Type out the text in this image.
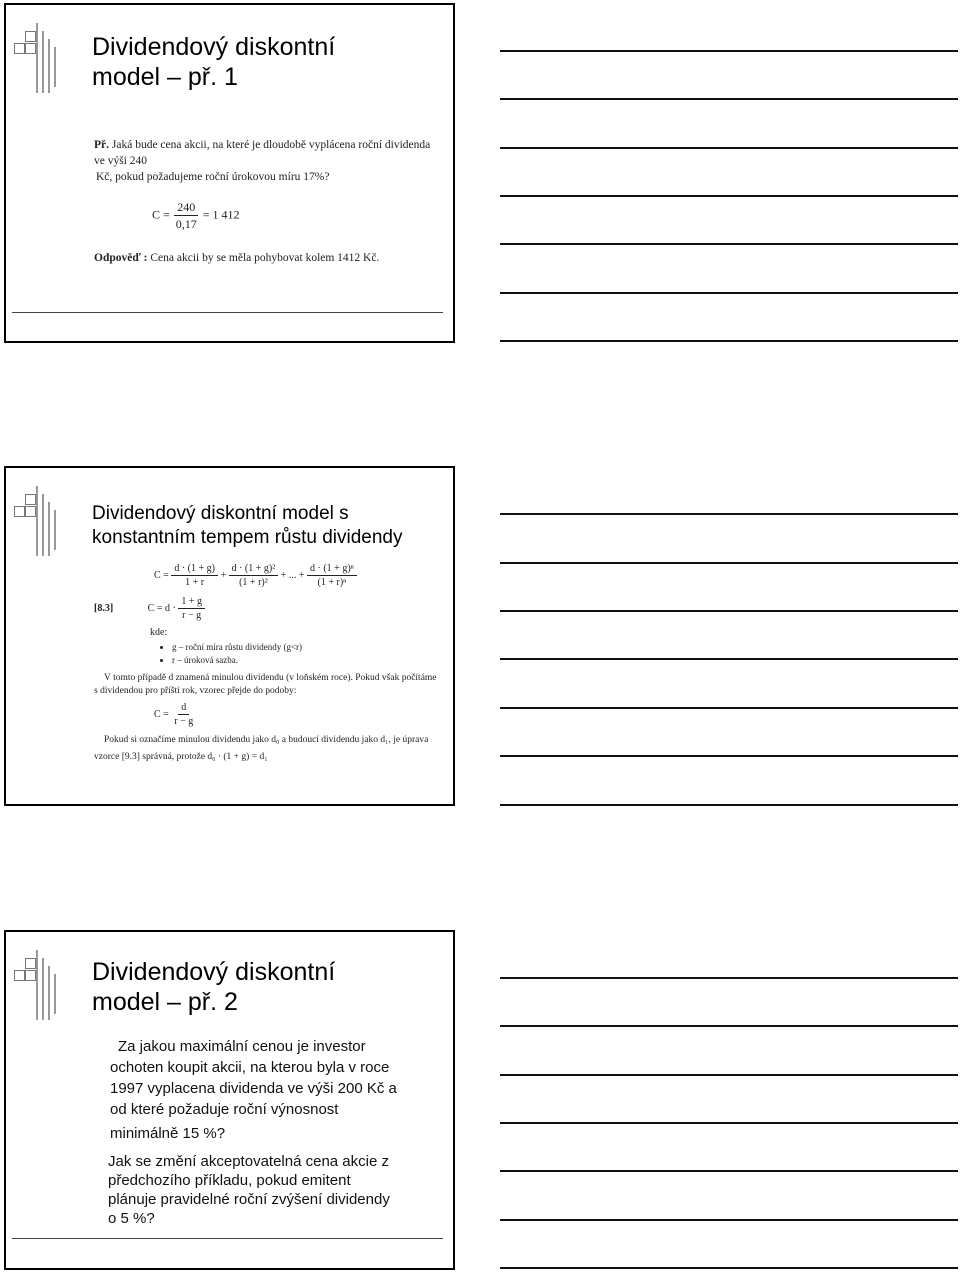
Dividendový diskontní
model – př. 1
Př. Jaká bude cena akcii, na které je dloudobě vyplácena roční dividenda ve výši 240
Kč, pokud požadujeme roční úrokovou míru 17%?
$C = \frac{240}{0,17} = 1$ 412
Odpověď : Cena akcii by se měla pohybovat kolem 1412 Kč.
Dividendový diskontní model s
konstantním tempem růstu dividendy
$C = \frac{d \cdot (1 + g)}{1 + r} + \frac{\text{d · (1 + g)²}}{\text{(1 + r)²}}$ + ... + $\frac{\text{d · (1 + g)ⁿ}}{\text{(1 + r)ⁿ}}$
[8.3]	$C = d \cdot \frac{1 + g}{r - g}$
kde:
• g – roční míra růstu dividendy (g<r)
• r – úroková sazba.
V tomto případě d znamená minulou dividendu (v loňském roce). Pokud však počítáme
s dividendou pro příští rok, vzorec přejde do podoby:
$C = \frac{d}{r - g}$
Pokud si označíme minulou dividendu jako d₀ a budoucí dividendu jako d₁, je úprava
vzorce [9.3] správná, protože d₀ · (1 + g) = d₁
Dividendový diskontní
model – př. 2
Za jakou maximální cenou je investor
ochoten koupit akcii, na kterou byla v roce
1997 vyplacena dividenda ve výši 200 Kč a
od které požaduje roční výnosnost
minimálně 15 %?
Jak se změní akceptovatelná cena akcie z
předchozího příkladu, pokud emitent
plánuje pravidelné roční zvýšení dividendy
o 5 %?
